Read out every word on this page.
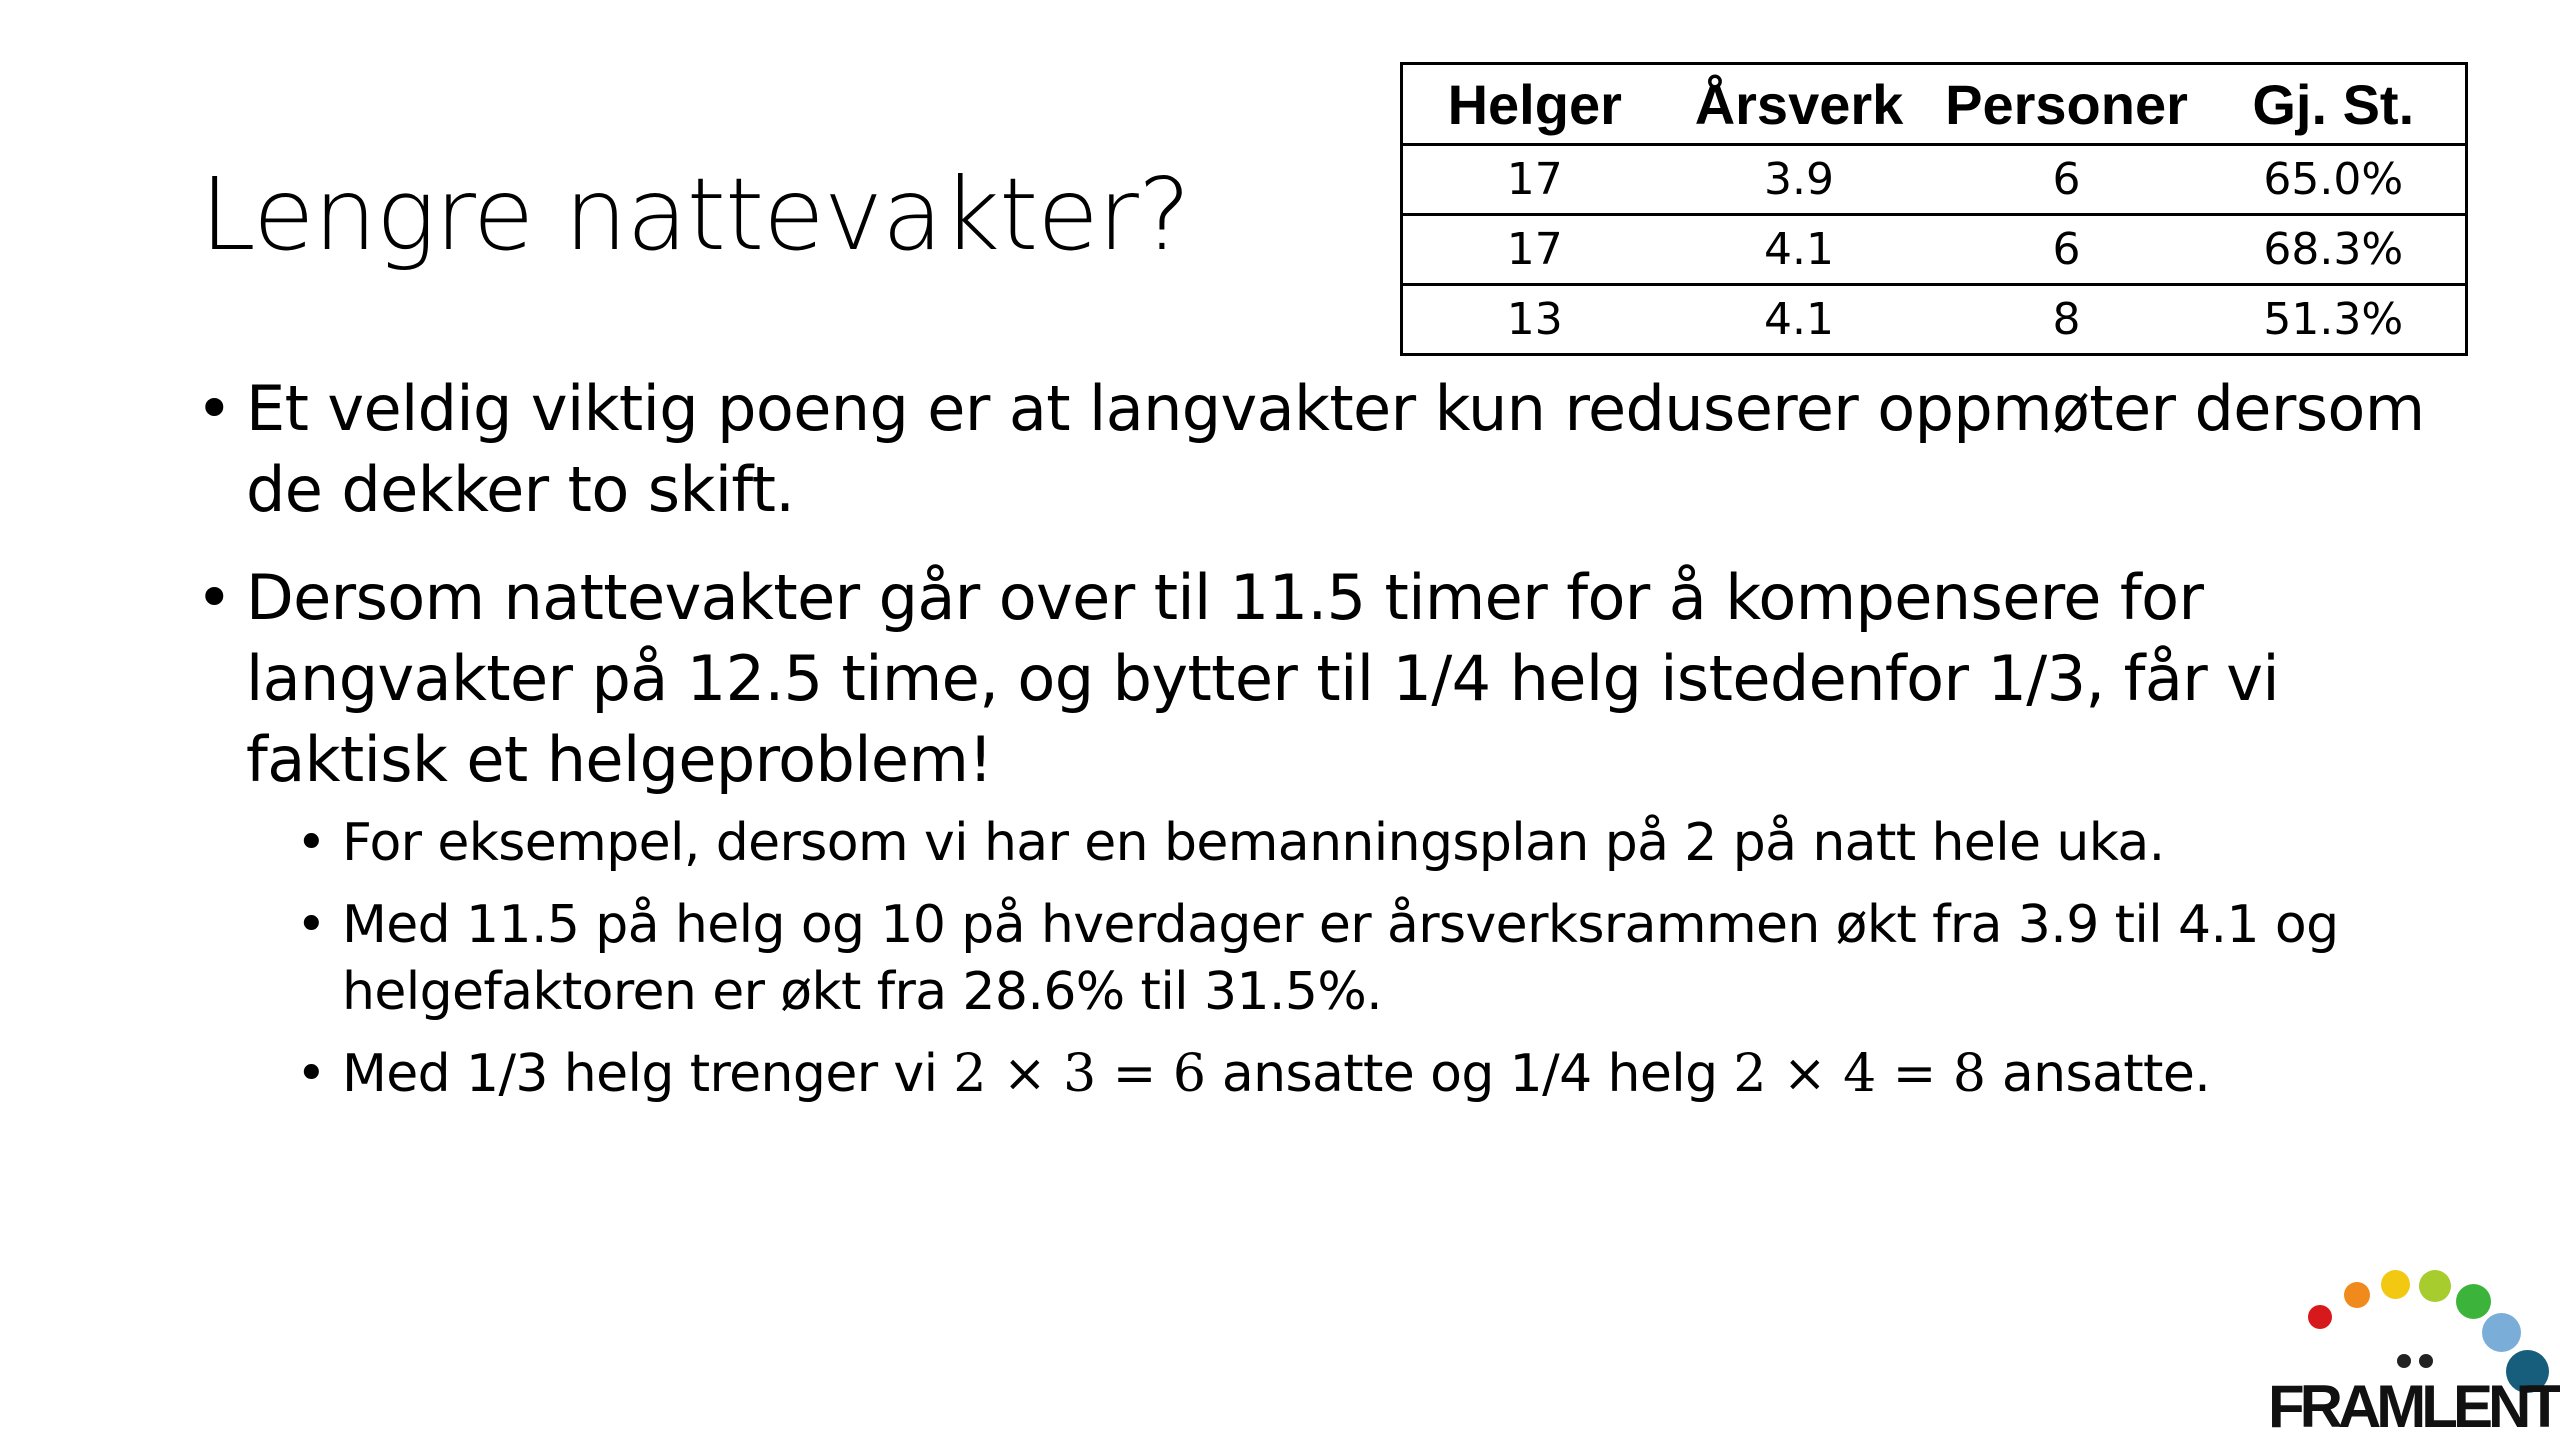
Lengre nattevakter?
Helger	Årsverk	Personer	Gj. St.
17	3.9	6	65.0%
17	4.1	6	68.3%
13	4.1	8	51.3%
• Et veldig viktig poeng er at langvakter kun reduserer oppmøter dersom de dekker to skift.
• Dersom nattevakter går over til 11.5 timer for å kompensere for langvakter på 12.5 time, og bytter til 1/4 helg istedenfor 1/3, får vi faktisk et helgeproblem!
• For eksempel, dersom vi har en bemanningsplan på 2 på natt hele uka.
• Med 11.5 på helg og 10 på hverdager er årsverksrammen økt fra 3.9 til 4.1 og helgefaktoren er økt fra 28.6% til 31.5%.
• Med 1/3 helg trenger vi 2 × 3 = 6 ansatte og 1/4 helg 2 × 4 = 8 ansatte.
FRAMLENT
